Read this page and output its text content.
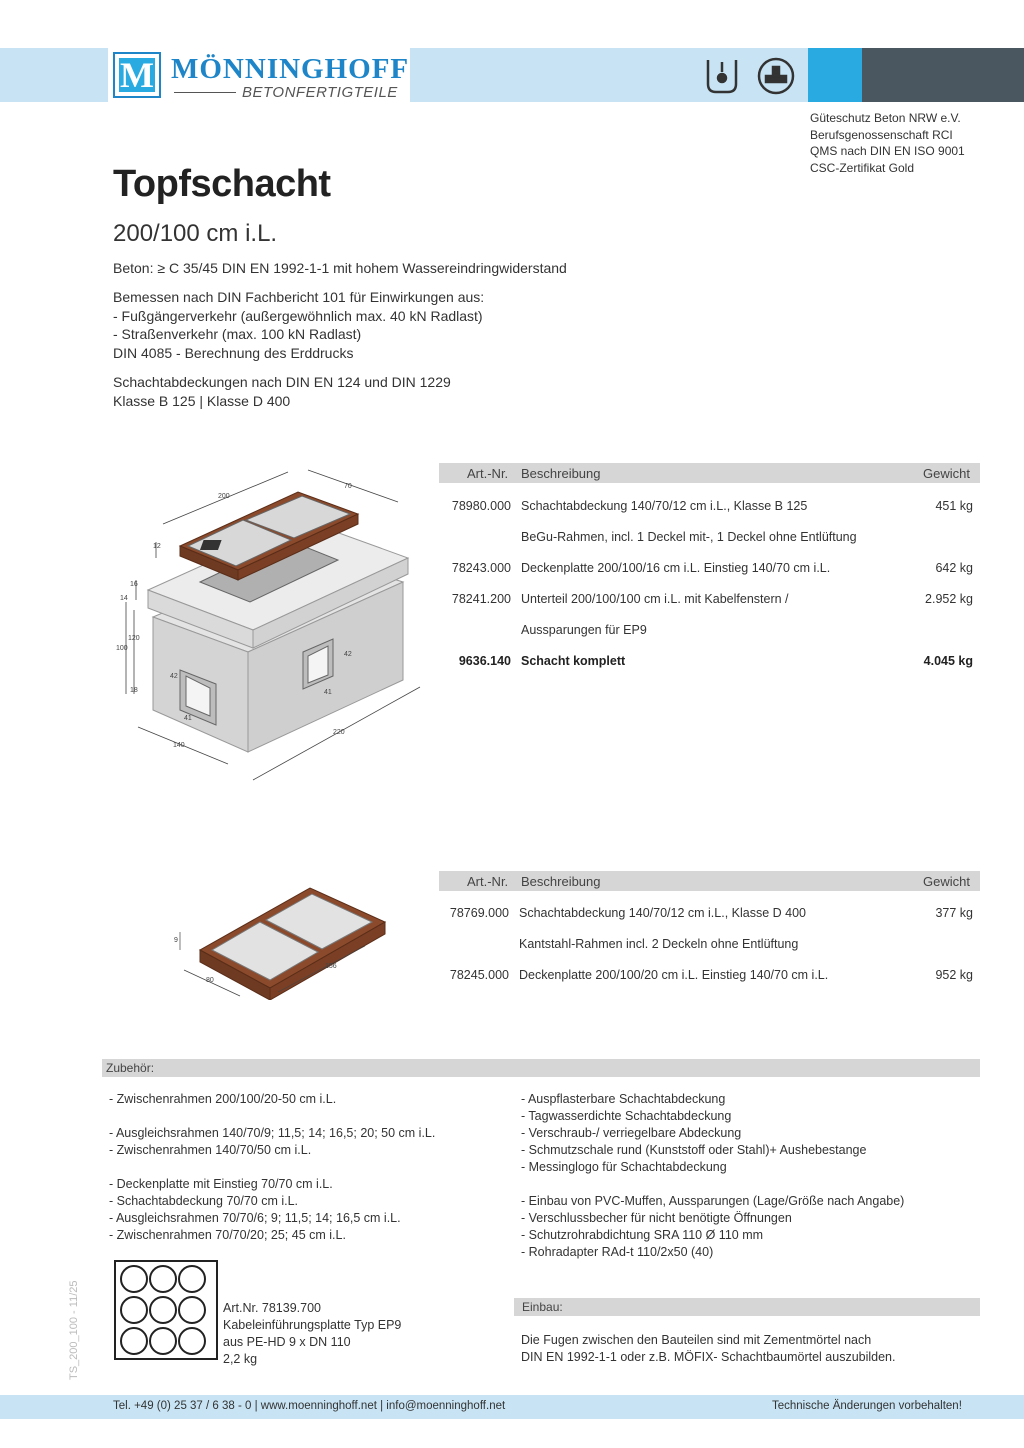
M MÖNNINGHOFF
BETONFERTIGTEILE
Güteschutz Beton NRW e.V.
Berufsgenossenschaft RCI
QMS nach DIN EN ISO 9001
CSC-Zertifikat Gold
Topfschacht
200/100 cm i.L.
Beton: ≥ C 35/45 DIN EN 1992-1-1 mit hohem Wassereindringwiderstand
Bemessen nach DIN Fachbericht 101 für Einwirkungen aus:
- Fußgängerverkehr (außergewöhnlich max. 40 kN Radlast)
- Straßenverkehr (max. 100 kN Radlast)
DIN 4085 - Berechnung des Erddrucks
Schachtabdeckungen nach DIN EN 124 und DIN 1229
Klasse B 125 | Klasse D 400
200
70
12
16
14
100
120
18
42
41
42
41
140
220
Art.-Nr. Beschreibung	Gewicht
78980.000 Schachtabdeckung 140/70/12 cm i.L., Klasse B 125	451 kg
BeGu-Rahmen, incl. 1 Deckel mit-, 1 Deckel ohne Entlüftung
78243.000 Deckenplatte 200/100/16 cm i.L. Einstieg 140/70 cm i.L.	642 kg
78241.200 Unterteil 200/100/100 cm i.L. mit Kabelfenstern /	2.952 kg
Aussparungen für EP9
9636.140 Schacht komplett	4.045 kg
9
80
156
Art.-Nr. Beschreibung	Gewicht
78769.000 Schachtabdeckung 140/70/12 cm i.L., Klasse D 400	377 kg
Kantstahl-Rahmen incl. 2 Deckeln ohne Entlüftung
78245.000 Deckenplatte 200/100/20 cm i.L. Einstieg 140/70 cm i.L.	952 kg
Zubehör:
- Zwischenrahmen 200/100/20-50 cm i.L.
- Ausgleichsrahmen 140/70/9; 11,5; 14; 16,5; 20; 50 cm i.L.
- Zwischenrahmen 140/70/50 cm i.L.
- Deckenplatte mit Einstieg 70/70 cm i.L.
- Schachtabdeckung 70/70 cm i.L.
- Ausgleichsrahmen 70/70/6; 9; 11,5; 14; 16,5 cm i.L.
- Zwischenrahmen 70/70/20; 25; 45 cm i.L.
- Auspflasterbare Schachtabdeckung
- Tagwasserdichte Schachtabdeckung
- Verschraub-/ verriegelbare Abdeckung
- Schmutzschale rund (Kunststoff oder Stahl)+ Aushebestange
- Messinglogo für Schachtabdeckung
- Einbau von PVC-Muffen, Aussparungen (Lage/Größe nach Angabe)
- Verschlussbecher für nicht benötigte Öffnungen
- Schutzrohrabdichtung SRA 110 Ø 110 mm
- Rohradapter RAd-t 110/2x50 (40)
Art.Nr. 78139.700
Kabeleinführungsplatte Typ EP9
aus PE-HD 9 x DN 110
2,2 kg
Einbau:
Die Fugen zwischen den Bauteilen sind mit Zementmörtel nach
DIN EN 1992-1-1 oder z.B. MÖFIX- Schachtbaumörtel auszubilden.
TS_200_100 - 11/25
Tel. +49 (0) 25 37 / 6 38 - 0 | www.moenninghoff.net | info@moenninghoff.net	Technische Änderungen vorbehalten!
